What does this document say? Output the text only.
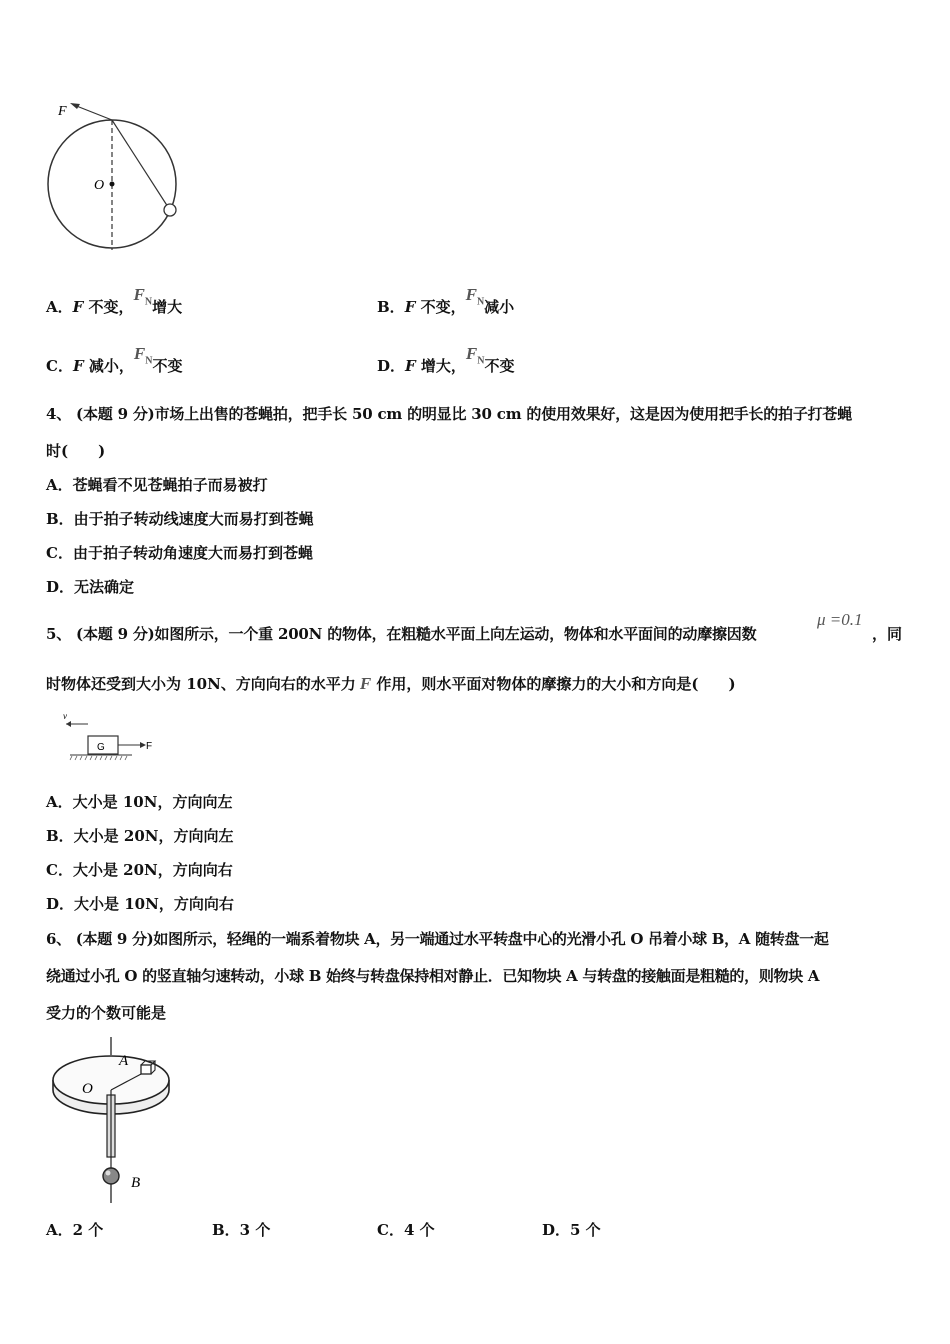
F
O
A．F 不变，$F_N$增大	B．F 不变，$F_N$减小
C．F 减小，$F_N$不变	D．F 增大，$F_N$不变
4、 (本题 9 分)市场上出售的苍蝇拍，把手长 50 cm 的明显比 30 cm 的使用效果好，这是因为使用把手长的拍子打苍蝇
时(　　)
A．苍蝇看不见苍蝇拍子而易被打
B．由于拍子转动线速度大而易打到苍蝇
C．由于拍子转动角速度大而易打到苍蝇
D．无法确定
5、 (本题 9 分)如图所示，一个重 200N 的物体，在粗糙水平面上向左运动，物体和水平面间的动摩擦因数
μ =0.1
，同
时物体还受到大小为 10N、方向向右的水平力 F 作用，则水平面对物体的摩擦力的大小和方向是(　　)
v
G	F
A．大小是 10N，方向向左
B．大小是 20N，方向向左
C．大小是 20N，方向向右
D．大小是 10N，方向向右
6、 (本题 9 分)如图所示，轻绳的一端系着物块 A，另一端通过水平转盘中心的光滑小孔 O 吊着小球 B，A 随转盘一起
绕通过小孔 O 的竖直轴匀速转动，小球 B 始终与转盘保持相对静止．已知物块 A 与转盘的接触面是粗糙的，则物块 A
受力的个数可能是
A
O
B
A．2 个	B．3 个	C．4 个	D．5 个
